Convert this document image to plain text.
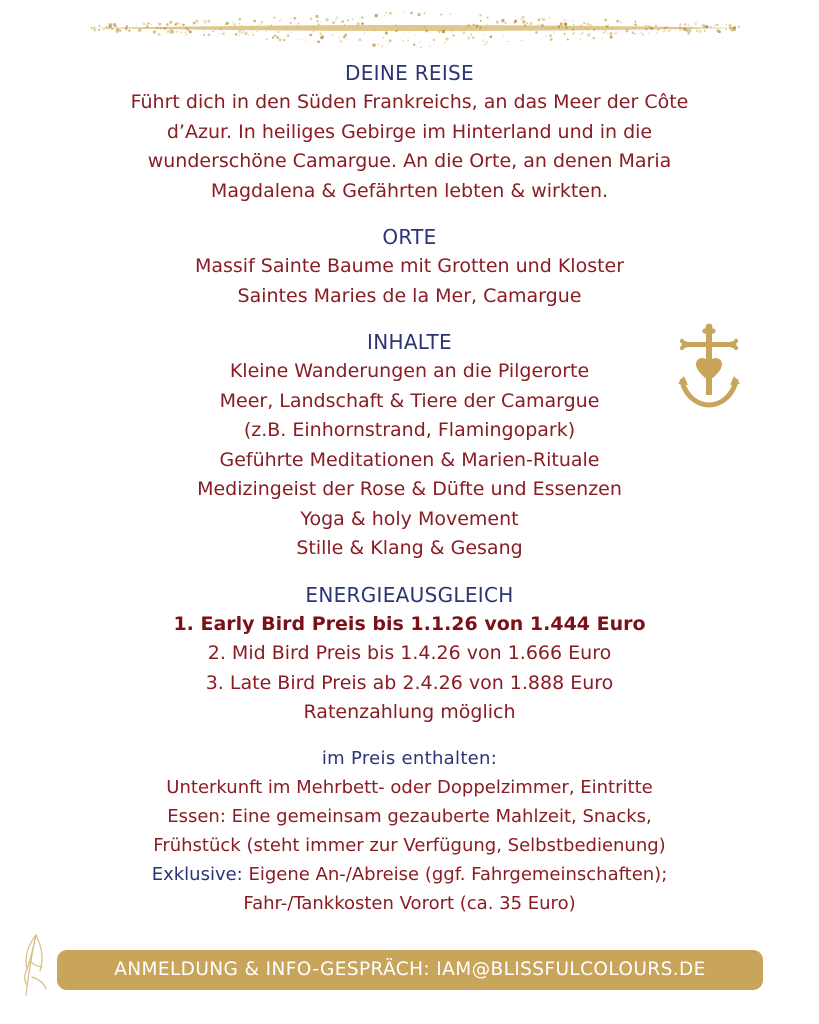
DEINE REISE
Führt dich in den Süden Frankreichs, an das Meer der Côte
d’Azur. In heiliges Gebirge im Hinterland und in die
wunderschöne Camargue. An die Orte, an denen Maria
Magdalena & Gefährten lebten & wirkten.
ORTE
Massif Sainte Baume mit Grotten und Kloster
Saintes Maries de la Mer, Camargue
INHALTE
Kleine Wanderungen an die Pilgerorte
Meer, Landschaft & Tiere der Camargue
(z.B. Einhornstrand, Flamingopark)
Geführte Meditationen & Marien-Rituale
Medizingeist der Rose & Düfte und Essenzen
Yoga & holy Movement
Stille & Klang & Gesang
ENERGIEAUSGLEICH
1. Early Bird Preis bis 1.1.26 von 1.444 Euro
2. Mid Bird Preis bis 1.4.26 von 1.666 Euro
3. Late Bird Preis ab 2.4.26 von 1.888 Euro
Ratenzahlung möglich
im Preis enthalten:
Unterkunft im Mehrbett- oder Doppelzimmer, Eintritte
Essen: Eine gemeinsam gezauberte Mahlzeit, Snacks,
Frühstück (steht immer zur Verfügung, Selbstbedienung)
Exklusive: Eigene An-/Abreise (ggf. Fahrgemeinschaften);
Fahr-/Tankkosten Vorort (ca. 35 Euro)
ANMELDUNG & INFO-GESPRÄCH: IAM@BLISSFULCOLOURS.DE
